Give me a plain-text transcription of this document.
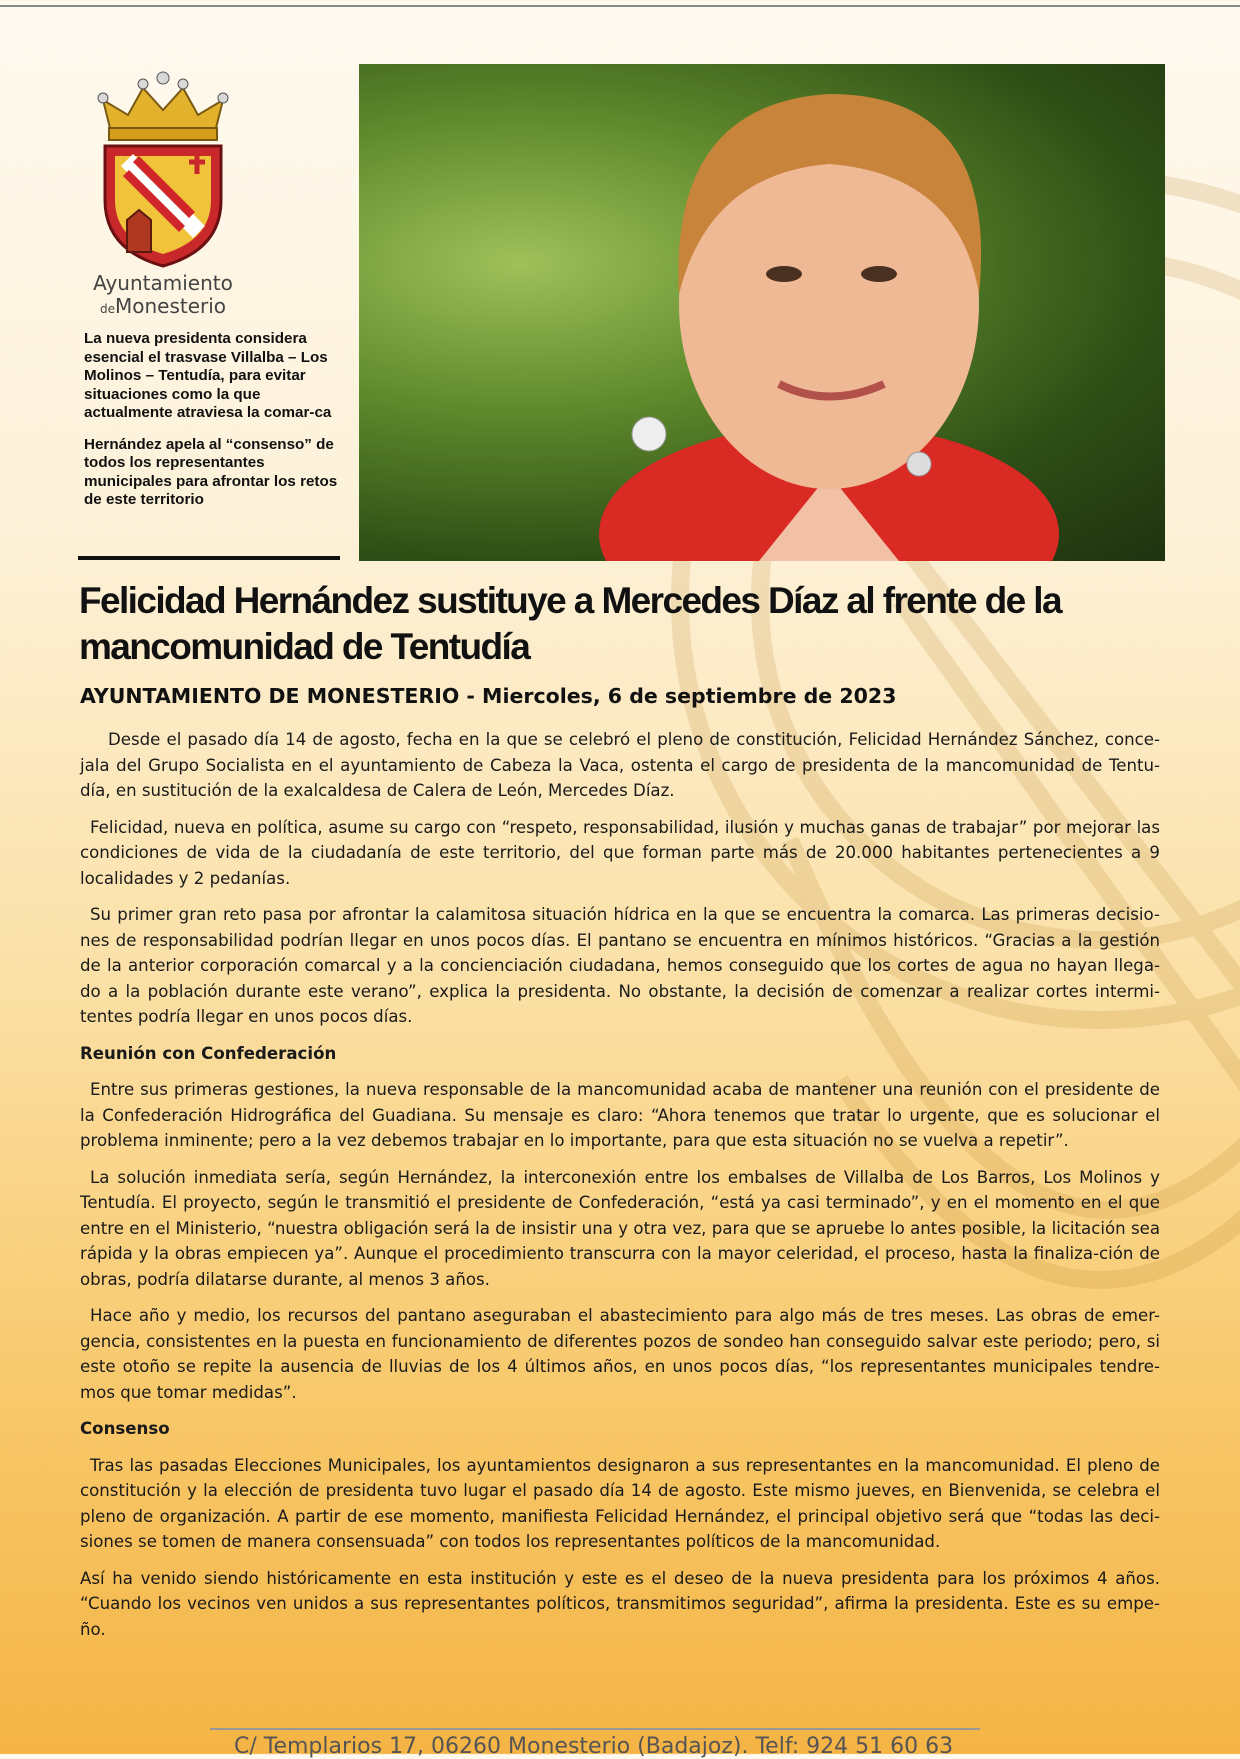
Ayuntamiento
deMonesterio

La nueva presidenta considera esencial el trasvase Villalba – Los Molinos – Tentudía, para evitar situaciones como la que actualmente atraviesa la comar-ca

Hernández apela al “consenso” de todos los representantes municipales para afrontar los retos de este territorio

Felicidad Hernández sustituye a Mercedes Díaz al frente de la mancomunidad de Tentudía

AYUNTAMIENTO DE MONESTERIO - Miercoles, 6 de septiembre de 2023

Desde el pasado día 14 de agosto, fecha en la que se celebró el pleno de constitución, Felicidad Hernández Sánchez, conce-jala del Grupo Socialista en el ayuntamiento de Cabeza la Vaca, ostenta el cargo de presidenta de la mancomunidad de Tentu-día, en sustitución de la exalcaldesa de Calera de León, Mercedes Díaz.

Felicidad, nueva en política, asume su cargo con “respeto, responsabilidad, ilusión y muchas ganas de trabajar” por mejorar las condiciones de vida de la ciudadanía de este territorio, del que forman parte más de 20.000 habitantes pertenecientes a 9 localidades y 2 pedanías.

Su primer gran reto pasa por afrontar la calamitosa situación hídrica en la que se encuentra la comarca. Las primeras decisio-nes de responsabilidad podrían llegar en unos pocos días. El pantano se encuentra en mínimos históricos. “Gracias a la gestión de la anterior corporación comarcal y a la concienciación ciudadana, hemos conseguido que los cortes de agua no hayan llega-do a la población durante este verano”, explica la presidenta. No obstante, la decisión de comenzar a realizar cortes intermi-tentes podría llegar en unos pocos días.

Reunión con Confederación

Entre sus primeras gestiones, la nueva responsable de la mancomunidad acaba de mantener una reunión con el presidente de la Confederación Hidrográfica del Guadiana. Su mensaje es claro: “Ahora tenemos que tratar lo urgente, que es solucionar el problema inminente; pero a la vez debemos trabajar en lo importante, para que esta situación no se vuelva a repetir”.

La solución inmediata sería, según Hernández, la interconexión entre los embalses de Villalba de Los Barros, Los Molinos y Tentudía. El proyecto, según le transmitió el presidente de Confederación, “está ya casi terminado”, y en el momento en el que entre en el Ministerio, “nuestra obligación será la de insistir una y otra vez, para que se apruebe lo antes posible, la licitación sea rápida y la obras empiecen ya”. Aunque el procedimiento transcurra con la mayor celeridad, el proceso, hasta la finaliza-ción de obras, podría dilatarse durante, al menos 3 años.

Hace año y medio, los recursos del pantano aseguraban el abastecimiento para algo más de tres meses. Las obras de emer-gencia, consistentes en la puesta en funcionamiento de diferentes pozos de sondeo han conseguido salvar este periodo; pero, si este otoño se repite la ausencia de lluvias de los 4 últimos años, en unos pocos días, “los representantes municipales tendre-mos que tomar medidas”.

Consenso

Tras las pasadas Elecciones Municipales, los ayuntamientos designaron a sus representantes en la mancomunidad. El pleno de constitución y la elección de presidenta tuvo lugar el pasado día 14 de agosto. Este mismo jueves, en Bienvenida, se celebra el pleno de organización. A partir de ese momento, manifiesta Felicidad Hernández, el principal objetivo será que “todas las deci-siones se tomen de manera consensuada” con todos los representantes políticos de la mancomunidad.

Así ha venido siendo históricamente en esta institución y este es el deseo de la nueva presidenta para los próximos 4 años. “Cuando los vecinos ven unidos a sus representantes políticos, transmitimos seguridad”, afirma la presidenta. Este es su empe-ño.

C/ Templarios 17, 06260 Monesterio (Badajoz). Telf: 924 51 60 63
